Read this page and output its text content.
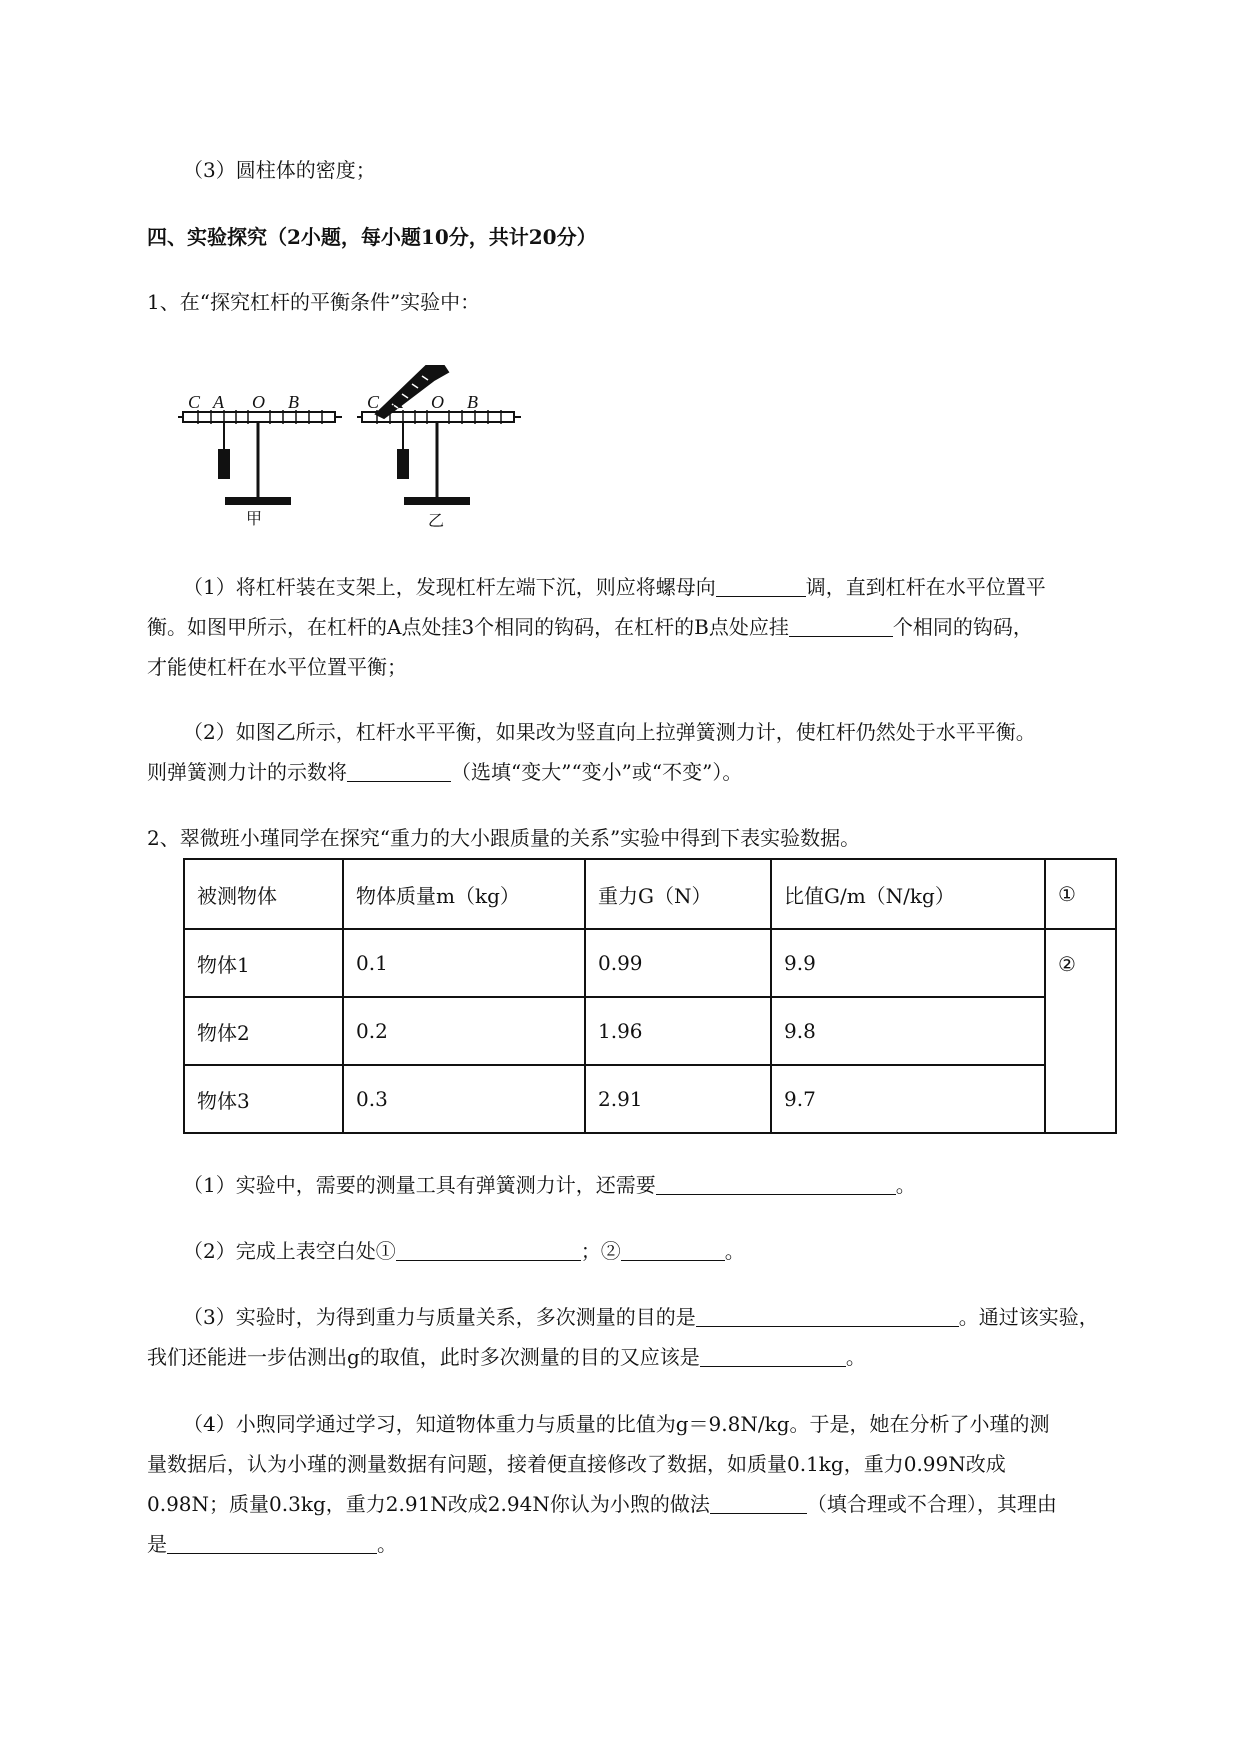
（3）圆柱体的密度；
四、实验探究（2小题，每小题10分，共计20分）
1、在“探究杠杆的平衡条件”实验中：
C A O B
甲
C A O B
乙
（1）将杠杆装在支架上，发现杠杆左端下沉，则应将螺母向	调，直到杠杆在水平位置平
衡。如图甲所示，在杠杆的A点处挂3个相同的钩码，在杠杆的B点处应挂	个相同的钩码，
才能使杠杆在水平位置平衡；
（2）如图乙所示，杠杆水平平衡，如果改为竖直向上拉弹簧测力计，使杠杆仍然处于水平平衡。
则弹簧测力计的示数将	（选填“变大”“变小”或“不变”）。
2、翠微班小瑾同学在探究“重力的大小跟质量的关系”实验中得到下表实验数据。
被测物体	物体质量m（kg）	重力G（N）	比值G/m（N/kg）	①
物体1	0.1	0.99	9.9	②
物体2	0.2	1.96	9.8	
物体3	0.3	2.91	9.7	
（1）实验中，需要的测量工具有弹簧测力计，还需要	。
（2）完成上表空白处①	；②	。
（3）实验时，为得到重力与质量关系，多次测量的目的是	。通过该实验，
我们还能进一步估测出g的取值，此时多次测量的目的又应该是	。
（4）小煦同学通过学习，知道物体重力与质量的比值为g＝9.8N/kg。于是，她在分析了小瑾的测
量数据后，认为小瑾的测量数据有问题，接着便直接修改了数据，如质量0.1kg，重力0.99N改成
0.98N；质量0.3kg，重力2.91N改成2.94N你认为小煦的做法	（填合理或不合理），其理由
是	。
